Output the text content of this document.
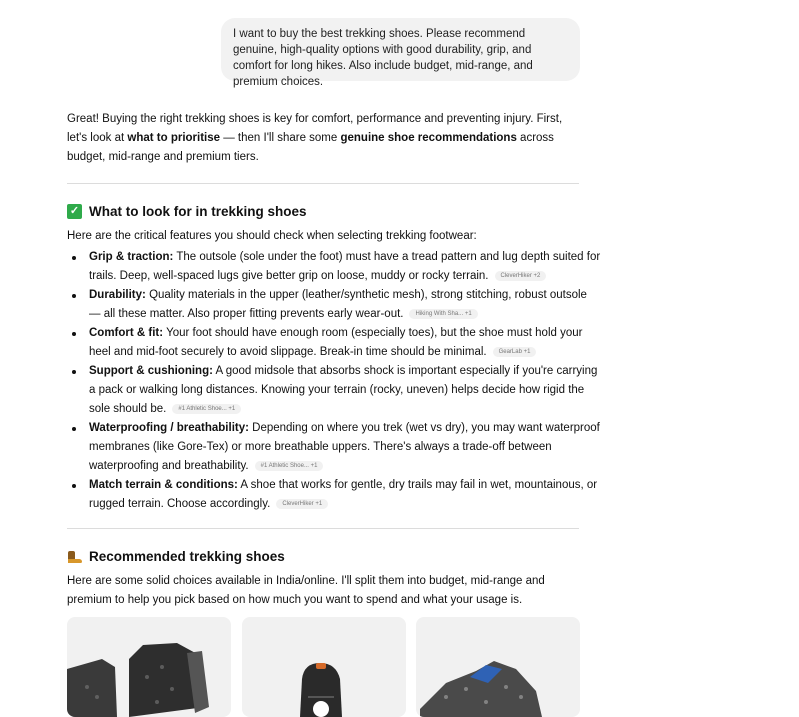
I want to buy the best trekking shoes. Please recommend genuine, high-quality options with good durability, grip, and comfort for long hikes. Also include budget, mid-range, and premium choices.
Great! Buying the right trekking shoes is key for comfort, performance and preventing injury. First, let's look at what to prioritise — then I'll share some genuine shoe recommendations across budget, mid-range and premium tiers.
✓ What to look for in trekking shoes
Here are the critical features you should check when selecting trekking footwear:
Grip & traction: The outsole (sole under the foot) must have a tread pattern and lug depth suited for trails. Deep, well-spaced lugs give better grip on loose, muddy or rocky terrain. CleverHiker +2
Durability: Quality materials in the upper (leather/synthetic mesh), strong stitching, robust outsole — all these matter. Also proper fitting prevents early wear-out. Hiking With Sha... +1
Comfort & fit: Your foot should have enough room (especially toes), but the shoe must hold your heel and mid-foot securely to avoid slippage. Break-in time should be minimal. GearLab +1
Support & cushioning: A good midsole that absorbs shock is important especially if you're carrying a pack or walking long distances. Knowing your terrain (rocky, uneven) helps decide how rigid the sole should be. #1 Athletic Shoe... +1
Waterproofing / breathability: Depending on where you trek (wet vs dry), you may want waterproof membranes (like Gore-Tex) or more breathable uppers. There's always a trade-off between waterproofing and breathability. #1 Athletic Shoe... +1
Match terrain & conditions: A shoe that works for gentle, dry trails may fail in wet, mountainous, or rugged terrain. Choose accordingly. CleverHiker +1
Recommended trekking shoes
Here are some solid choices available in India/online. I'll split them into budget, mid-range and premium to help you pick based on how much you want to spend and what your usage is.
